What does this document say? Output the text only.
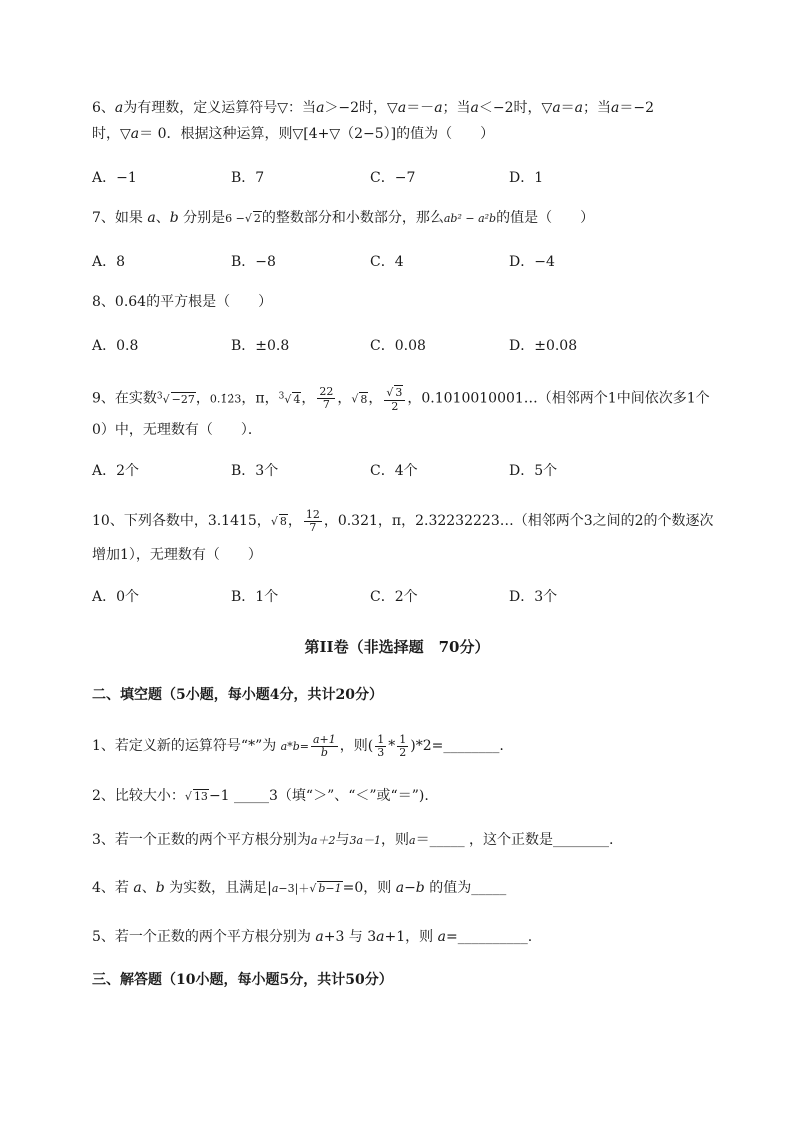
6、a为有理数，定义运算符号▽：当a＞−2时，▽a＝－a；当a＜−2时，▽a＝a；当a＝−2
时，▽a＝ 0．根据这种运算，则▽[4+▽（2−5）]的值为（　　）
A．−1	B．7	C．−7	D．1
7、如果 a、b 分别是6 −√ 2的整数部分和小数部分，那么ab² − a²b的值是（　　）
A．8	B．−8	C．4	D．−4
8、0.64的平方根是（　　）
A．0.8	B．±0.8	C．0.08	D．±0.08
9、在实数$^3$√ −27，0.1̇2̇3，π，$^3$√ 4， $\frac{22}{7}$ ，√ 8， $\frac{√ 3}{2}$ ，0.1010010001…（相邻两个1中间依次多1个
0）中，无理数有（　　）．
A．2个	B．3个	C．4个	D．5个
10、下列各数中，3.1415，√ 8， $\frac{12}{7}$ ，0.321，π，2.32232223…（相邻两个3之间的2的个数逐次
增加1），无理数有（　　）
A．0个	B．1个	C．2个	D．3个
第II卷（非选择题　70分）
二、填空题（5小题，每小题4分，共计20分）
1、若定义新的运算符号“*”为 $a*b= \frac{a+1}{b}$ ，则( $\frac{1}{3} * \frac{1}{2}$ )*2=________.
2、比较大小：√ 13−1 _____3（填“＞”、“＜”或“＝”).
3、若一个正数的两个平方根分别为a＋2与3a－1，则a＝_____ ，这个正数是________.
4、若 a、b 为实数，且满足|a−3|＋√ b−1=0，则 a−b 的值为_____
5、若一个正数的两个平方根分别为 a+3 与 3a+1，则 a=__________.
三、解答题（10小题，每小题5分，共计50分）
